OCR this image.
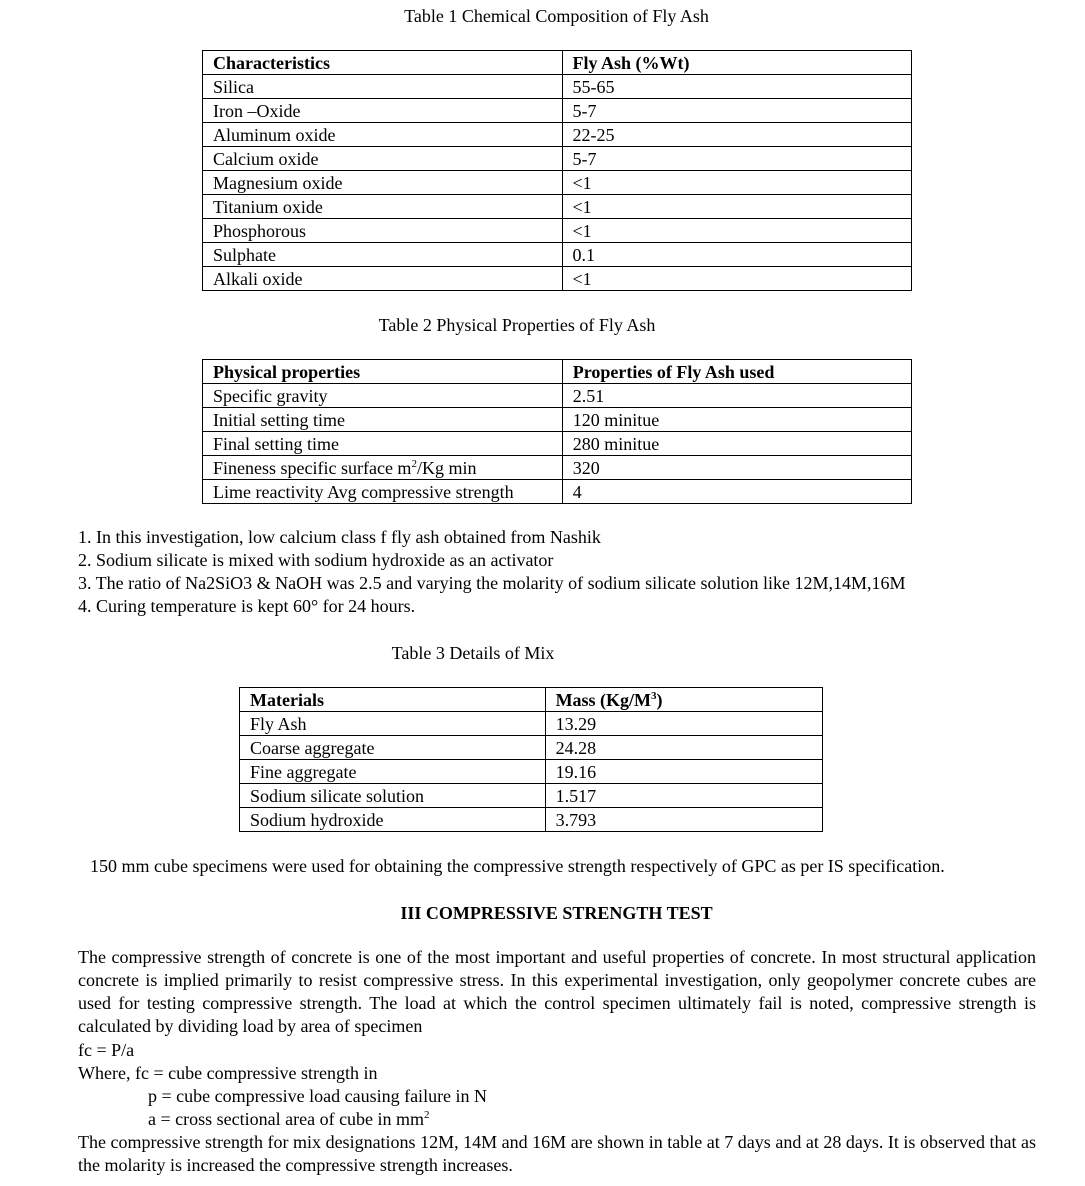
Table 1 Chemical Composition of Fly Ash
Characteristics	Fly Ash (%Wt)
Silica	55-65
Iron –Oxide	5-7
Aluminum oxide	22-25
Calcium oxide	5-7
Magnesium oxide	<1
Titanium oxide	<1
Phosphorous	<1
Sulphate	0.1
Alkali oxide	<1
Table 2 Physical Properties of Fly Ash
Physical properties	Properties of Fly Ash used
Specific gravity	2.51
Initial setting time	120 minitue
Final setting time	280 minitue
Fineness specific surface $m^2/Kg$ min	320
Lime reactivity Avg compressive strength	4
1. In this investigation, low calcium class f fly ash obtained from Nashik
2. Sodium silicate is mixed with sodium hydroxide as an activator
3. The ratio of Na2SiO3 & NaOH was 2.5 and varying the molarity of sodium silicate solution like 12M,14M,16M
4. Curing temperature is kept 60° for 24 hours.
Table 3 Details of Mix
Materials	Mass $(Kg/M^3)$
Fly Ash	13.29
Coarse aggregate	24.28
Fine aggregate	19.16
Sodium silicate solution	1.517
Sodium hydroxide	3.793
150 mm cube specimens were used for obtaining the compressive strength respectively of GPC as per IS specification.
III COMPRESSIVE STRENGTH TEST
The compressive strength of concrete is one of the most important and useful properties of concrete. In most structural application concrete is implied primarily to resist compressive stress. In this experimental investigation, only geopolymer concrete cubes are used for testing compressive strength. The load at which the control specimen ultimately fail is noted, compressive strength is calculated by dividing load by area of specimen
fc = P/a
Where, fc = cube compressive strength in
p = cube compressive load causing failure in N
a = cross sectional area of cube in $mm^2$
The compressive strength for mix designations 12M, 14M and 16M are shown in table at 7 days and at 28 days. It is observed that as the molarity is increased the compressive strength increases.
